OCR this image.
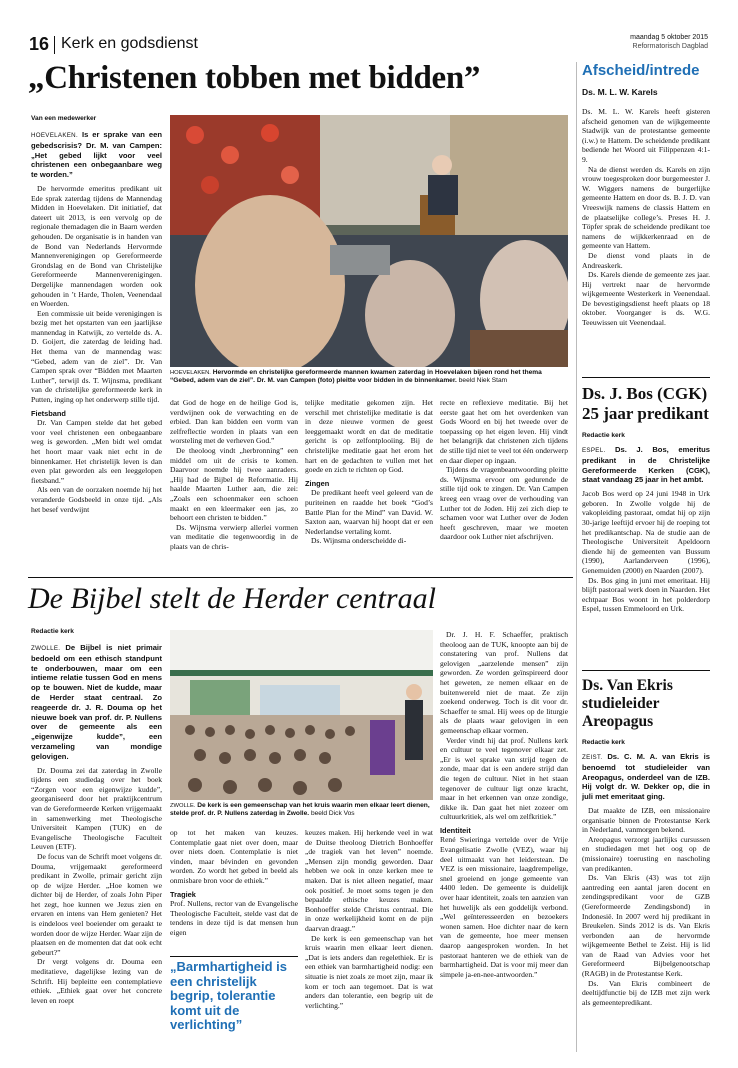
16 Kerk en godsdienst	maandag 5 oktober 2015
Reformatorisch Dagblad
„Christenen tobben met bidden”
Van een medewerker

HOEVELAKEN. Is er sprake van een gebedscrisis? Dr. M. van Campen: „Het gebed lijkt voor veel christenen een onbegaanbare weg te worden.”

De hervormde emeritus predikant uit Ede sprak zaterdag tijdens de Mannendag Midden in Hoevelaken. Dit initiatief, dat dateert uit 2013, is een vervolg op de regionale themadagen die in Baarn werden gehouden. De organisatie is in handen van de Bond van Nederlands Hervormde Mannenverenigingen op Gereformeerde Grondslag en de Bond van Christelijke Gereformeerde Mannenverenigingen. Dergelijke mannendagen worden ook gehouden in ’t Harde, Tholen, Veenendaal en Woerden.

Een commissie uit beide verenigingen is bezig met het opstarten van een jaarlijkse mannendag in Katwijk, zo vertelde ds. A. D. Goijert, die zaterdag de leiding had. Het thema van de mannendag was: “Gebed, adem van de ziel”. Dr. Van Campen sprak over “Bidden met Maarten Luther”, terwijl ds. T. Wijnsma, predikant van de christelijke gereformeerde kerk in Putten, inging op het onderwerp stille tijd.

Fietsband

Dr. Van Campen stelde dat het gebed voor veel christenen een onbegaanbare weg is geworden. „Men bidt wel omdat het hoort maar vaak niet echt in de binnenkamer. Het christelijk leven is dan even plat geworden als een leeggelopen fietsband.”

Als een van de oorzaken noemde hij het veranderde Godsbeeld in onze tijd. „Als het besef verdwijnt

HOEVELAKEN. Hervormde en christelijke gereformeerde mannen kwamen zaterdag in Hoevelaken bijeen rond het thema “Gebed, adem van de ziel”. Dr. M. van Campen (foto) pleitte voor bidden in de binnenkamer. beeld Niek Stam

dat God de hoge en de heilige God is, verdwijnen ook de verwachting en de erbied. Dan kan bidden een vorm van zelfreflectie worden in plaats van een worsteling met de verheven God.”

De theoloog vindt „herbronning” een middel om uit de crisis te komen. Daarvoor noemde hij twee aanraders. „Hij had de Bijbel de Reformatie. Hij haalde Maarten Luther aan, die zei: „Zoals een schoenmaker een schoen maakt en een kleermaker een jas, zo behoort een christen te bidden.”

Ds. Wijnsma verwierp allerlei vormen van meditatie die tegenwoordig in de plaats van de chris-

telijke meditatie gekomen zijn. Het verschil met christelijke meditatie is dat in deze nieuwe vormen de geest leeggemaakt wordt en dat de meditatie gericht is op zelfontplooiing. Bij de christelijke meditatie gaat het erom het hart en de gedachten te vullen met het goede en zich te richten op God.

Zingen

De predikant heeft veel geleerd van de puriteinen en raadde het boek “God’s Battle Plan for the Mind” van David. W. Saxton aan, waarvan hij hoopt dat er een Nederlandse vertaling komt.

Ds. Wijnsma onderscheidde di-

recte en reflexieve meditatie. Bij het eerste gaat het om het overdenken van Gods Woord en bij het tweede over de toepassing op het eigen leven. Hij vindt het belangrijk dat christenen zich tijdens de stille tijd niet te veel tot één onderwerp en daar dieper op ingaan.

Tijdens de vragenbeantwoording pleitte ds. Wijnsma ervoor om gedurende de stille tijd ook te zingen. Dr. Van Campen kreeg een vraag over de verhouding van Luther tot de Joden. Hij zei zich diep te schamen voor wat Luther over de Joden heeft geschreven, maar we moeten daardoor ook Luther niet afschrijven.

De Bijbel stelt de Herder centraal
Redactie kerk

ZWOLLE. De Bijbel is niet primair bedoeld om een ethisch standpunt te onderbouwen, maar om een intieme relatie tussen God en mens op te bouwen. Niet de kudde, maar de Herder staat centraal. Zo reageerde dr. J. R. Douma op het nieuwe boek van prof. dr. P. Nullens over de gemeente als een „eigenwijze kudde”, een verzameling van mondige gelovigen.

Dr. Douma zei dat zaterdag in Zwolle tijdens een studiedag over het boek “Zorgen voor een eigenwijze kudde”, georganiseerd door het praktijkcentrum van de Gereformeerde Kerken vrijgemaakt in samenwerking met Theologische Universiteit Kampen (TUK) en de Evangelische Theologische Faculteit Leuven (ETF).

De focus van de Schrift moet volgens dr. Douma, vrijgemaakt gereformeerd predikant in Zwolle, primair gericht zijn op de wijze Herder. „Hoe komen we dichter bij de Herder, of zoals John Piper het zegt, hoe kunnen we Jezus zien en ervaren en intens van Hem genieten? Het is eindeloos veel boeiender om geraakt te worden door de wijze Herder. Waar zijn de plaatsen en de momenten dat dat ook echt gebeurt?”

Dr vergt volgens dr. Douma een meditatieve, dagelijkse lezing van de Schrift. Hij bepleitte een contemplatieve ethiek. „Ethiek gaat over het concrete leven en roept

ZWOLLE. De kerk is een gemeenschap van het kruis waarin men elkaar leert dienen, stelde prof. dr. P. Nullens zaterdag in Zwolle. beeld Dick Vos

op tot het maken van keuzes. Contemplatie gaat niet over doen, maar over niets doen. Contemplatie is niet vinden, maar bévinden en gevonden worden. Zo wordt het gebed in beeld als onmisbare bron voor de ethiek.”

Tragiek

Prof. Nullens, rector van de Evangelische Theologische Faculteit, stelde vast dat de tendens in deze tijd is dat mensen hun eigen

„Barmhartigheid is een christelijk begrip, tolerantie komt uit de verlichting”

keuzes maken. Hij herkende veel in wat de Duitse theoloog Dietrich Bonhoeffer „de tragiek van het leven” noemde. „Mensen zijn mondig geworden. Daar hebben we ook in onze kerken mee te maken. Dat is niet alleen negatief, maar ook positief. Je moet soms tegen je den bepaalde ethische keuzes maken. Bonhoeffer stelde Christus centraal. Die in onze werkelijkheid komt en de pijn daarvan draagt.”

De kerk is een gemeenschap van het kruis waarin men elkaar leert dienen. „Dat is iets anders dan regelethiek. Er is een ethiek van barmhartigheid nodig: een situatie is niet zoals ze moet zijn, maar ik kom er toch aan tegemoet. Dat is wat anders dan tolerantie, een begrip uit de verlichting.”

Dr. J. H. F. Schaeffer, praktisch theoloog aan de TUK, knoopte aan bij de constatering van prof. Nullens dat gelovigen „aarzelende mensen” zijn geworden. Ze worden geïnspireerd door het geweten, ze nemen elkaar en de buitenwereld niet de maat. Ze zijn zoekend onderweg. Toch is dit voor dr. Schaeffer te smal. Hij wees op de liturgie als de plaats waar gelovigen in een gemeenschap elkaar vormen.

Verder vindt hij dat prof. Nullens kerk en cultuur te veel tegenover elkaar zet. „Er is wel sprake van strijd tegen de zonde, maar dat is een andere strijd dan die tegen de cultuur. Niet in het staan tegenover de cultuur ligt onze kracht, maar in het erkennen van onze zondige, dikke ik. Dan gaat het niet zozeer om cultuurkritiek, als wel om zelfkritiek.”

Identiteit

René Swieringa vertelde over de Vrije Evangelisatie Zwolle (VEZ), waar hij deel uitmaakt van het leiderstean. De VEZ is een missionaire, laagdrempelige, snel groeiend en jonge gemeente van 4400 leden. De gemeente is duidelijk over haar identiteit, zoals ten aanzien van het huwelijk als een goddelijk verbond. „Wel geïnteresseerden en bezoekers wonen samen. Hoe dichter naar de kern van de gemeente, hoe meer mensen daarop aangesproken worden. In het pastoraat hanteren we de ethiek van de barmhartigheid. Dat is voor mij meer dan simpele ja-en-nee-antwoorden.”

Afscheid/intrede
Ds. M. L. W. Karels

Ds. M. L. W. Karels heeft gisteren afscheid genomen van de wijkgemeente Stadwijk van de protestantse gemeente (i.w.) te Hattem. De scheidende predikant bediende het Woord uit Filippenzen 4:1-9.

Na de dienst werden ds. Karels en zijn vrouw toegesproken door burgemeester J. W. Wiggers namens de burgerlijke gemeente Hattem en door ds. B. J. D. van Vreeswijk namens de classis Hattem en de plaatselijke college’s. Preses H. J. Töpfer sprak de scheidende predikant toe namens de wijkkerkenraad en de gemeente van Hattem.

De dienst vond plaats in de Andreaskerk.

Ds. Karels diende de gemeente zes jaar. Hij vertrekt naar de hervormde wijkgemeente Westerkerk in Veenendaal. De bevestigingsdienst heeft plaats op 18 oktober. Voorganger is ds. W.G. Teeuwissen uit Veenendaal.

Ds. J. Bos (CGK) 25 jaar predikant
Redactie kerk

ESPEL. Ds. J. Bos, emeritus predikant in de Christelijke Gereformeerde Kerken (CGK), staat vandaag 25 jaar in het ambt.

Jacob Bos werd op 24 juni 1948 in Urk geboren. In Zwolle volgde hij de vakopleiding pastoraat, omdat hij op zijn 30-jarige leeftijd ervoer hij de roeping tot het predikantschap. Na de studie aan de Theologische Universiteit Apeldoorn diende hij de gemeenten van Bussum (1990), Aarlanderveen (1996), Genemuiden (2000) en Naarden (2007).

Ds. Bos ging in juni met emeritaat. Hij blijft pastoraal werk doen in Naarden. Het echtpaar Bos woont in het polderdorp Espel, tussen Emmeloord en Urk.

Ds. Van Ekris studieleider Areopagus
Redactie kerk

ZEIST. Ds. C. M. A. van Ekris is benoemd tot studieleider van Areopagus, onderdeel van de IZB. Hij volgt dr. W. Dekker op, die in juli met emeritaat ging.

Dat maakte de IZB, een missionaire organisatie binnen de Protestantse Kerk in Nederland, vanmorgen bekend.

Areopagus verzorgt jaarlijks cursussen en studiedagen met het oog op de (missionaire) toerusting en nascholing van predikanten.

Ds. Van Ekris (43) was tot zijn aantreding een aantal jaren docent en zendingspredikant voor de GZB (Gereformeerde Zendingsbond) in Indonesië. In 2007 werd hij predikant in Breukelen. Sinds 2012 is ds. Van Ekris verbonden aan de hervormde wijkgemeente Bethel te Zeist. Hij is lid van de Raad van Advies voor het Gereformeerd Bijbelgenootschap (RAGB) in de Protestantse Kerk.

Ds. Van Ekris combineert de deeltijdfunctie bij de IZB met zijn werk als gemeentepredikant.
